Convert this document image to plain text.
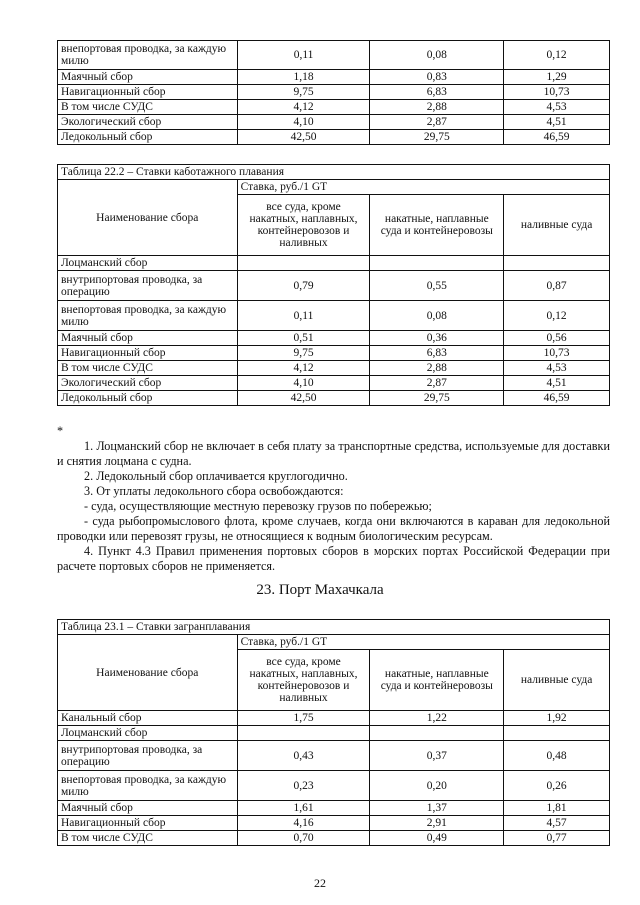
внепортовая проводка, за каждую милю	0,11	0,08	0,12
Маячный сбор	1,18	0,83	1,29
Навигационный сбор	9,75	6,83	10,73
В том числе СУДС	4,12	2,88	4,53
Экологический сбор	4,10	2,87	4,51
Ледокольный сбор	42,50	29,75	46,59
Таблица 22.2 – Ставки каботажного плавания			
Наименование сбора	Ставка, руб./1 GT		
	все суда, кроме накатных, наплавных, контейнеровозов и наливных	накатные, наплавные суда и контейнеровозы	наливные суда
Лоцманский сбор			
внутрипортовая проводка, за операцию	0,79	0,55	0,87
внепортовая проводка, за каждую милю	0,11	0,08	0,12
Маячный сбор	0,51	0,36	0,56
Навигационный сбор	9,75	6,83	10,73
В том числе СУДС	4,12	2,88	4,53
Экологический сбор	4,10	2,87	4,51
Ледокольный сбор	42,50	29,75	46,59

*

1. Лоцманский сбор не включает в себя плату за транспортные средства, используемые для доставки и снятия лоцмана с судна.

2. Ледокольный сбор оплачивается круглогодично.

3. От уплаты ледокольного сбора освобождаются:

- суда, осуществляющие местную перевозку грузов по побережью;

- суда рыбопромыслового флота, кроме случаев, когда они включаются в караван для ледокольной проводки или перевозят грузы, не относящиеся к водным биологическим ресурсам.

4. Пункт 4.3 Правил применения портовых сборов в морских портах Российской Федерации при расчете портовых сборов не применяется.

23. Порт Махачкала
Таблица 23.1 – Ставки загранплавания			
Наименование сбора	Ставка, руб./1 GT		
	все суда, кроме накатных, наплавных, контейнеровозов и наливных	накатные, наплавные суда и контейнеровозы	наливные суда
Канальный сбор	1,75	1,22	1,92
Лоцманский сбор			
внутрипортовая проводка, за операцию	0,43	0,37	0,48
внепортовая проводка, за каждую милю	0,23	0,20	0,26
Маячный сбор	1,61	1,37	1,81
Навигационный сбор	4,16	2,91	4,57
В том числе СУДС	0,70	0,49	0,77
22
